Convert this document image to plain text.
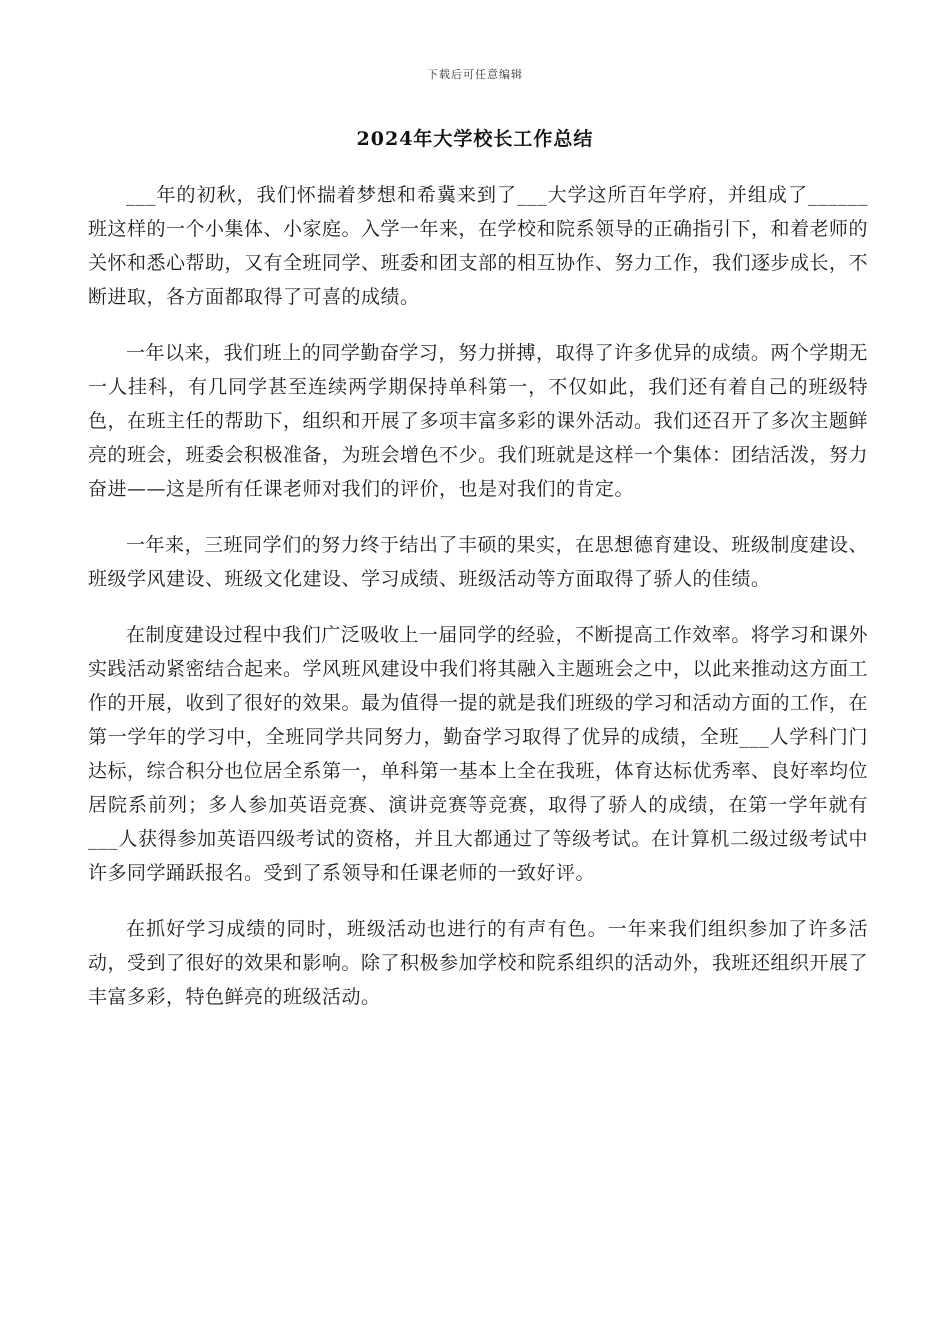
下载后可任意编辑
2024年大学校长工作总结

___年的初秋，我们怀揣着梦想和希冀来到了___大学这所百年学府，并组成了______班这样的一个小集体、小家庭。入学一年来，在学校和院系领导的正确指引下，和着老师的关怀和悉心帮助，又有全班同学、班委和团支部的相互协作、努力工作，我们逐步成长，不断进取，各方面都取得了可喜的成绩。

一年以来，我们班上的同学勤奋学习，努力拼搏，取得了许多优异的成绩。两个学期无一人挂科，有几同学甚至连续两学期保持单科第一，不仅如此，我们还有着自己的班级特色，在班主任的帮助下，组织和开展了多项丰富多彩的课外活动。我们还召开了多次主题鲜亮的班会，班委会积极准备，为班会增色不少。我们班就是这样一个集体：团结活泼，努力奋进——这是所有任课老师对我们的评价，也是对我们的肯定。

一年来，三班同学们的努力终于结出了丰硕的果实，在思想德育建设、班级制度建设、班级学风建设、班级文化建设、学习成绩、班级活动等方面取得了骄人的佳绩。

在制度建设过程中我们广泛吸收上一届同学的经验，不断提高工作效率。将学习和课外实践活动紧密结合起来。学风班风建设中我们将其融入主题班会之中，以此来推动这方面工作的开展，收到了很好的效果。最为值得一提的就是我们班级的学习和活动方面的工作，在第一学年的学习中，全班同学共同努力，勤奋学习取得了优异的成绩，全班___人学科门门达标，综合积分也位居全系第一，单科第一基本上全在我班，体育达标优秀率、良好率均位居院系前列；多人参加英语竞赛、演讲竞赛等竞赛，取得了骄人的成绩，在第一学年就有___人获得参加英语四级考试的资格，并且大都通过了等级考试。在计算机二级过级考试中许多同学踊跃报名。受到了系领导和任课老师的一致好评。

在抓好学习成绩的同时，班级活动也进行的有声有色。一年来我们组织参加了许多活动，受到了很好的效果和影响。除了积极参加学校和院系组织的活动外，我班还组织开展了丰富多彩，特色鲜亮的班级活动。
